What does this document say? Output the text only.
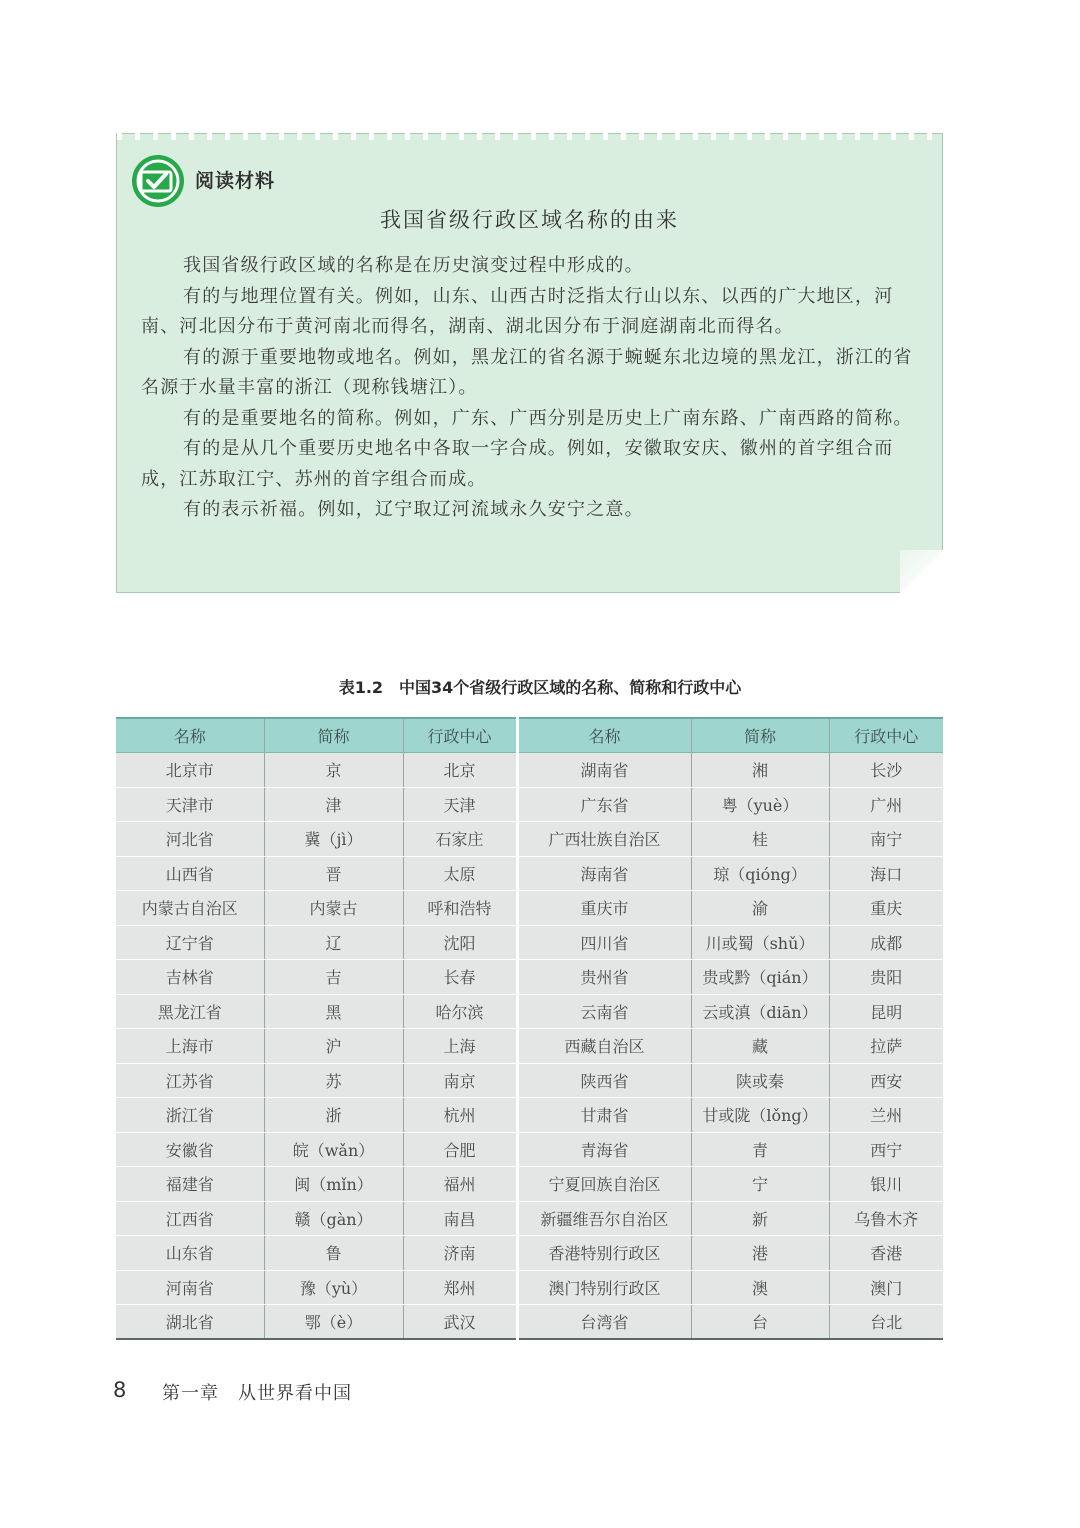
阅读材料
我国省级行政区域名称的由来

我国省级行政区域的名称是在历史演变过程中形成的。

有的与地理位置有关。例如，山东、山西古时泛指太行山以东、以西的广大地区，河南、河北因分布于黄河南北而得名，湖南、湖北因分布于洞庭湖南北而得名。

有的源于重要地物或地名。例如，黑龙江的省名源于蜿蜒东北边境的黑龙江，浙江的省名源于水量丰富的浙江（现称钱塘江）。

有的是重要地名的简称。例如，广东、广西分别是历史上广南东路、广南西路的简称。

有的是从几个重要历史地名中各取一字合成。例如，安徽取安庆、徽州的首字组合而成，江苏取江宁、苏州的首字组合而成。

有的表示祈福。例如，辽宁取辽河流域永久安宁之意。

表1.2　中国34个省级行政区域的名称、简称和行政中心
名称	简称	行政中心	名称	简称	行政中心
北京市	京	北京	湖南省	湘	长沙
天津市	津	天津	广东省	粤（yuè）	广州
河北省	冀（jì）	石家庄	广西壮族自治区	桂	南宁
山西省	晋	太原	海南省	琼（qióng）	海口
内蒙古自治区	内蒙古	呼和浩特	重庆市	渝	重庆
辽宁省	辽	沈阳	四川省	川或蜀（shǔ）	成都
吉林省	吉	长春	贵州省	贵或黔（qián）	贵阳
黑龙江省	黑	哈尔滨	云南省	云或滇（diān）	昆明
上海市	沪	上海	西藏自治区	藏	拉萨
江苏省	苏	南京	陕西省	陕或秦	西安
浙江省	浙	杭州	甘肃省	甘或陇（lǒng）	兰州
安徽省	皖（wǎn）	合肥	青海省	青	西宁
福建省	闽（mǐn）	福州	宁夏回族自治区	宁	银川
江西省	赣（gàn）	南昌	新疆维吾尔自治区	新	乌鲁木齐
山东省	鲁	济南	香港特别行政区	港	香港
河南省	豫（yù）	郑州	澳门特别行政区	澳	澳门
湖北省	鄂（è）	武汉	台湾省	台	台北
8 第一章　从世界看中国
